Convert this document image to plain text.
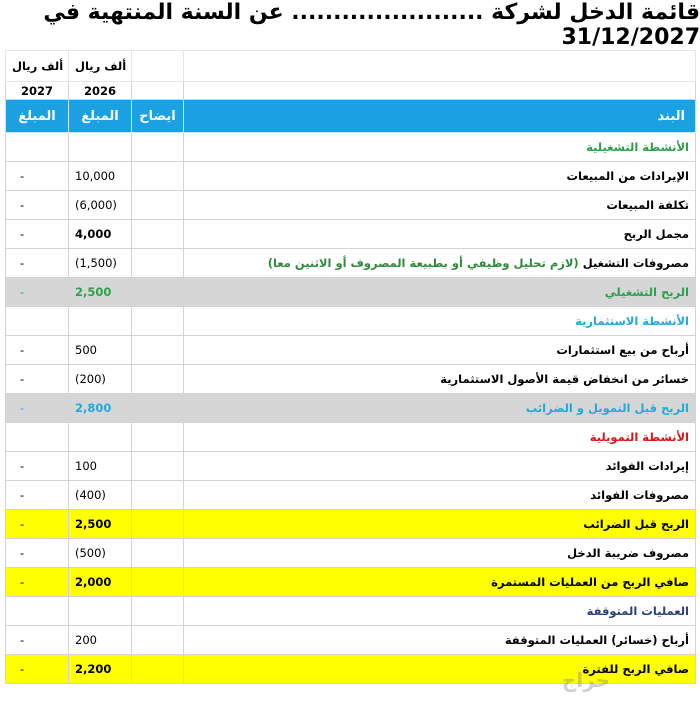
قائمة الدخل لشركة ....................... عن السنة المنتهية في 31/12/2027
ألف ريال	ألف ريال		
2027	2026		
المبلغ	المبلغ	ايضاح	البند
			الأنشطة التشغيلية
-	10,000		الإيرادات من المبيعات
-	(6,000)		تكلفة المبيعات
-	4,000		مجمل الربح
-	(1,500)		مصروفات التشغيل (لازم تحليل وظيفي أو بطبيعة المصروف أو الاثنين معا)
-	2,500		الربح التشغيلي
			الأنشطة الاستثمارية
-	500		أرباح من بيع استثمارات
-	(200)		خسائر من انخفاض قيمة الأصول الاستثمارية
-	2,800		الربح قبل التمويل و الضرائب
			الأنشطة التمويلية
-	100		إيرادات الفوائد
-	(400)		مصروفات الفوائد
-	2,500		الربح قبل الضرائب
-	(500)		مصروف ضريبة الدخل
-	2,000		صافي الربح من العمليات المستمرة
			العمليات المتوقفة
-	200		أرباح (خسائر) العمليات المتوقفة
-	2,200		صافي الربح للفترة
حراج
